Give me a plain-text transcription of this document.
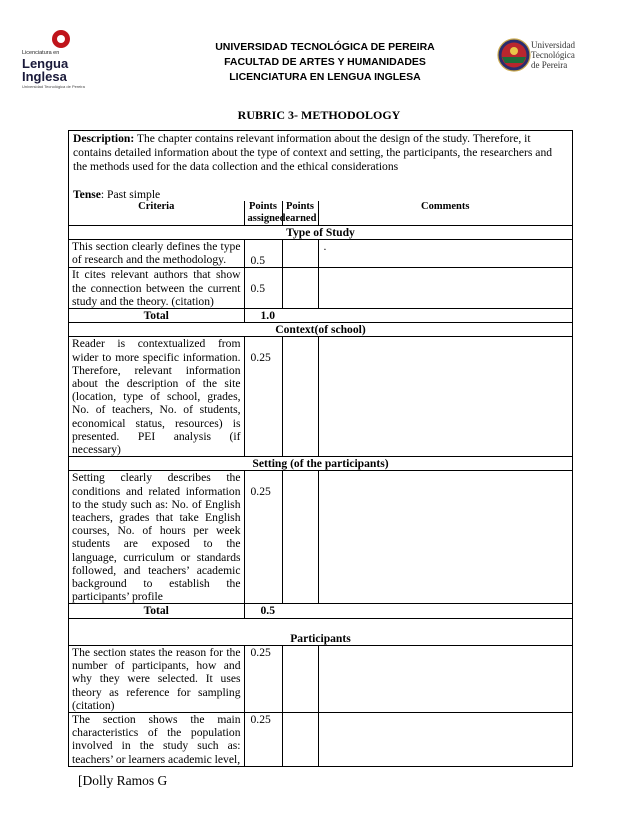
Licenciatura en
Lengua
Inglesa
Universidad Tecnológica de Pereira
UNIVERSIDAD TECNOLÓGICA DE PEREIRA
FACULTAD DE ARTES Y HUMANIDADES
LICENCIATURA EN LENGUA INGLESA
Universidad
Tecnológica
de Pereira
RUBRIC 3- METHODOLOGY
Description: The chapter contains relevant information about the design of the study. Therefore, it contains detailed information about the type of context and setting, the participants, the researchers and the methods used for the data collection and the ethical considerations
Tense: Past simple
Criteria	Points assigned	Points earned	Comments
Type of Study			
This section clearly defines the type of research and the methodology.	0.5		.
It cites relevant authors that show the connection between the current study and the theory. (citation)	0.5		
Total	1.0		
Context(of school)			
Reader is contextualized from wider to more specific information. Therefore, relevant information about the description of the site (location, type of school, grades, No. of teachers, No. of students, economical status, resources) is presented. PEI analysis (if necessary)	0.25		
Setting (of the participants)			
Setting clearly describes the conditions and related information to the study such as: No. of English teachers, grades that take English courses, No. of hours per week students are exposed to the language, curriculum or standards followed, and teachers’ academic background to establish the participants’ profile	0.25		
Total	0.5		
Participants			
The section states the reason for the number of participants, how and why they were selected. It uses theory as reference for sampling (citation)	0.25		
The section shows the main characteristics of the population involved in the study such as: teachers’ or learners academic level,	0.25		
[Dolly Ramos G
